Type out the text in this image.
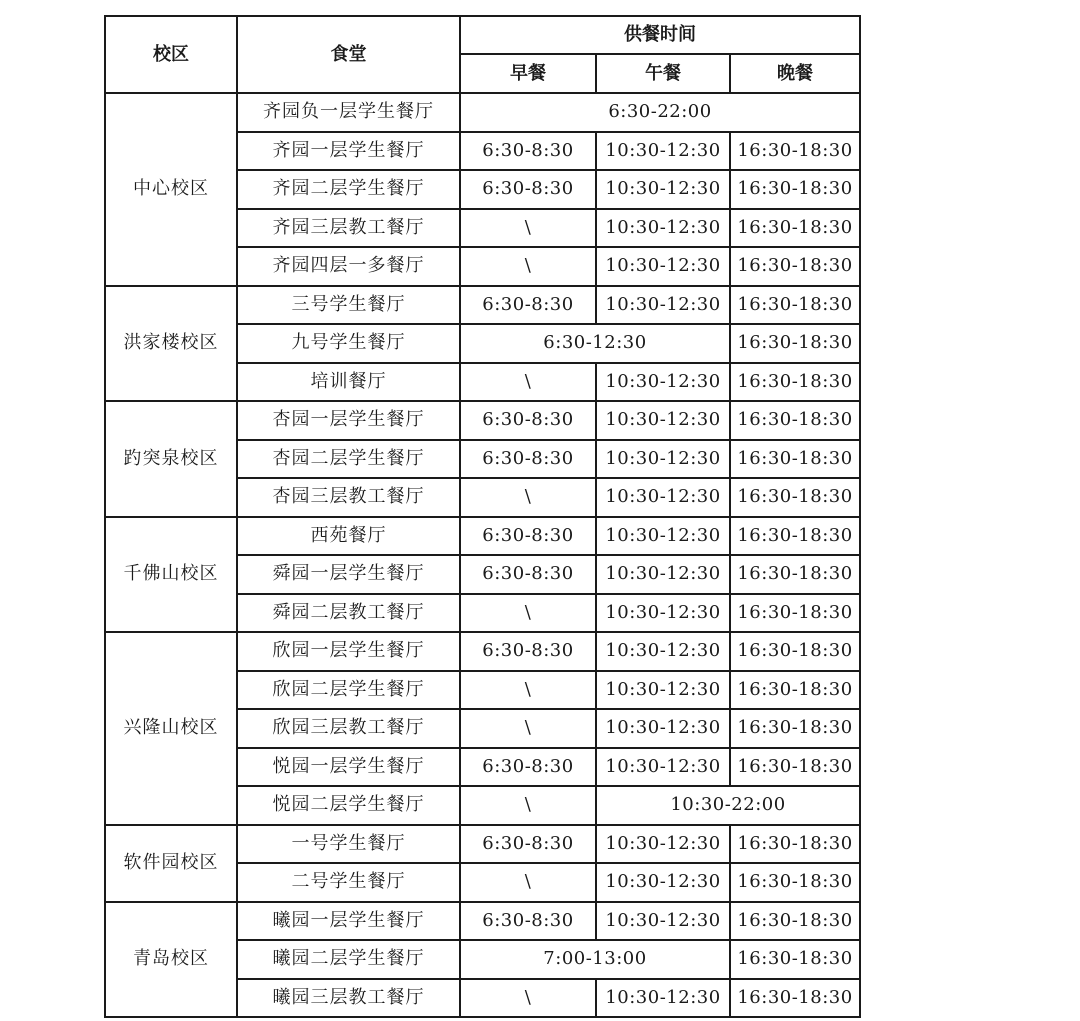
校区	食堂	供餐时间		
		早餐	午餐	晚餐
中心校区	齐园负一层学生餐厅	6:30-22:00		
	齐园一层学生餐厅	6:30-8:30	10:30-12:30	16:30-18:30
	齐园二层学生餐厅	6:30-8:30	10:30-12:30	16:30-18:30
	齐园三层教工餐厅	\	10:30-12:30	16:30-18:30
	齐园四层一多餐厅	\	10:30-12:30	16:30-18:30
洪家楼校区	三号学生餐厅	6:30-8:30	10:30-12:30	16:30-18:30
	九号学生餐厅	6:30-12:30		16:30-18:30
	培训餐厅	\	10:30-12:30	16:30-18:30
趵突泉校区	杏园一层学生餐厅	6:30-8:30	10:30-12:30	16:30-18:30
	杏园二层学生餐厅	6:30-8:30	10:30-12:30	16:30-18:30
	杏园三层教工餐厅	\	10:30-12:30	16:30-18:30
千佛山校区	西苑餐厅	6:30-8:30	10:30-12:30	16:30-18:30
	舜园一层学生餐厅	6:30-8:30	10:30-12:30	16:30-18:30
	舜园二层教工餐厅	\	10:30-12:30	16:30-18:30
兴隆山校区	欣园一层学生餐厅	6:30-8:30	10:30-12:30	16:30-18:30
	欣园二层学生餐厅	\	10:30-12:30	16:30-18:30
	欣园三层教工餐厅	\	10:30-12:30	16:30-18:30
	悦园一层学生餐厅	6:30-8:30	10:30-12:30	16:30-18:30
	悦园二层学生餐厅	\	10:30-22:00	
软件园校区	一号学生餐厅	6:30-8:30	10:30-12:30	16:30-18:30
	二号学生餐厅	\	10:30-12:30	16:30-18:30
青岛校区	曦园一层学生餐厅	6:30-8:30	10:30-12:30	16:30-18:30
	曦园二层学生餐厅	7:00-13:00		16:30-18:30
	曦园三层教工餐厅	\	10:30-12:30	16:30-18:30
